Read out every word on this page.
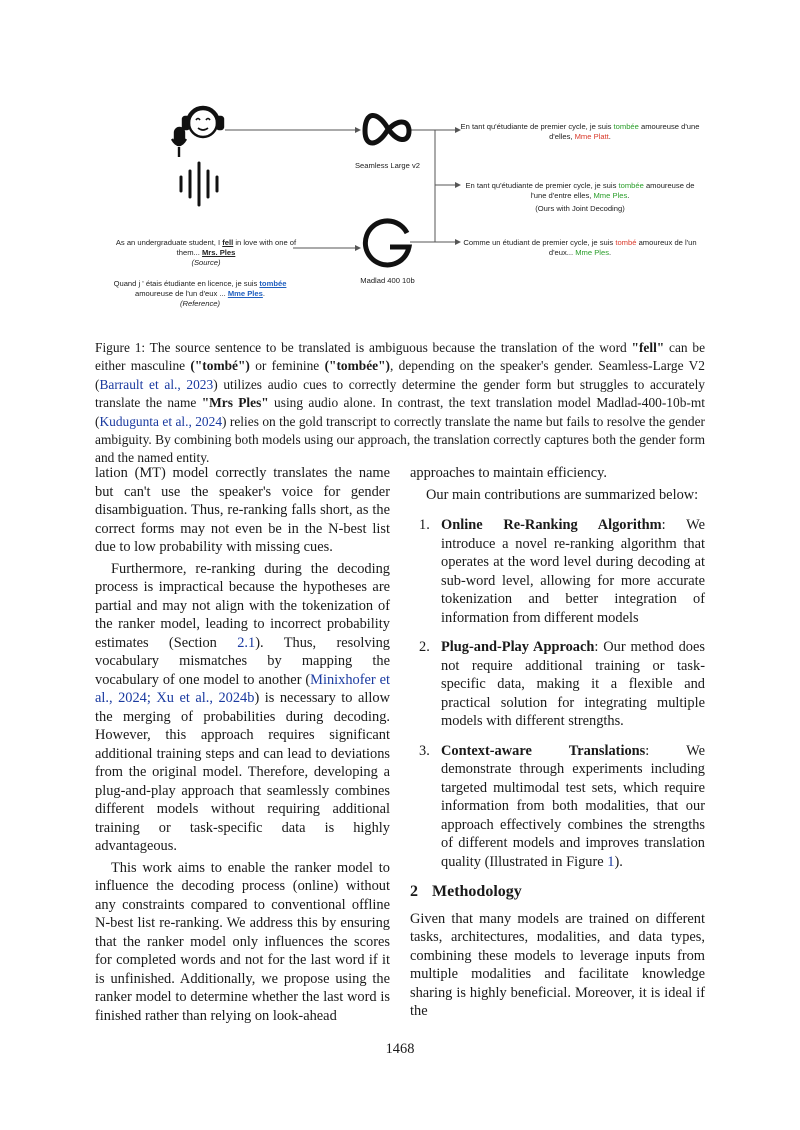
Seamless Large v2
Madlad 400 10b
En tant qu'étudiante de premier cycle, je suis tombée amoureuse d'une d'elles, Mme Platt.
En tant qu'étudiante de premier cycle, je suis tombée amoureuse de l'une d'entre elles, Mme Ples.
(Ours with Joint Decoding)
Comme un étudiant de premier cycle, je suis tombé amoureux de l'un d'eux... Mme Ples.
As an undergraduate student, I fell in love with one of them... Mrs. Ples
(Source)
Quand j ' étais étudiante en licence, je suis tombée amoureuse de l'un d'eux ... Mme Ples.
(Reference)
Figure 1: The source sentence to be translated is ambiguous because the translation of the word "fell" can be either masculine ("tombé") or feminine ("tombée"), depending on the speaker's gender. Seamless-Large V2 (Barrault et al., 2023) utilizes audio cues to correctly determine the gender form but struggles to accurately translate the name "Mrs Ples" using audio alone. In contrast, the text translation model Madlad-400-10b-mt (Kudugunta et al., 2024) relies on the gold transcript to correctly translate the name but fails to resolve the gender ambiguity. By combining both models using our approach, the translation correctly captures both the gender form and the named entity.

lation (MT) model correctly translates the name but can't use the speaker's voice for gender disambiguation. Thus, re-ranking falls short, as the correct forms may not even be in the N-best list due to low probability with missing cues.

Furthermore, re-ranking during the decoding process is impractical because the hypotheses are partial and may not align with the tokenization of the ranker model, leading to incorrect probability estimates (Section 2.1). Thus, resolving vocabulary mismatches by mapping the vocabulary of one model to another (Minixhofer et al., 2024; Xu et al., 2024b) is necessary to allow the merging of probabilities during decoding. However, this approach requires significant additional training steps and can lead to deviations from the original model. Therefore, developing a plug-and-play approach that seamlessly combines different models without requiring additional training or task-specific data is highly advantageous.

This work aims to enable the ranker model to influence the decoding process (online) without any constraints compared to conventional offline N-best list re-ranking. We address this by ensuring that the ranker model only influences the scores for completed words and not for the last word if it is unfinished. Additionally, we propose using the ranker model to determine whether the last word is finished rather than relying on look-ahead

approaches to maintain efficiency.

Our main contributions are summarized below:

1. Online Re-Ranking Algorithm: We introduce a novel re-ranking algorithm that operates at the word level during decoding at sub-word level, allowing for more accurate tokenization and better integration of information from different models
2. Plug-and-Play Approach: Our method does not require additional training or task-specific data, making it a flexible and practical solution for integrating multiple models with different strengths.
3. Context-aware Translations: We demonstrate through experiments including targeted multimodal test sets, which require information from both modalities, that our approach effectively combines the strengths of different models and improves translation quality (Illustrated in Figure 1).
2 Methodology

Given that many models are trained on different tasks, architectures, modalities, and data types, combining these models to leverage inputs from multiple modalities and facilitate knowledge sharing is highly beneficial. Moreover, it is ideal if the

1468
